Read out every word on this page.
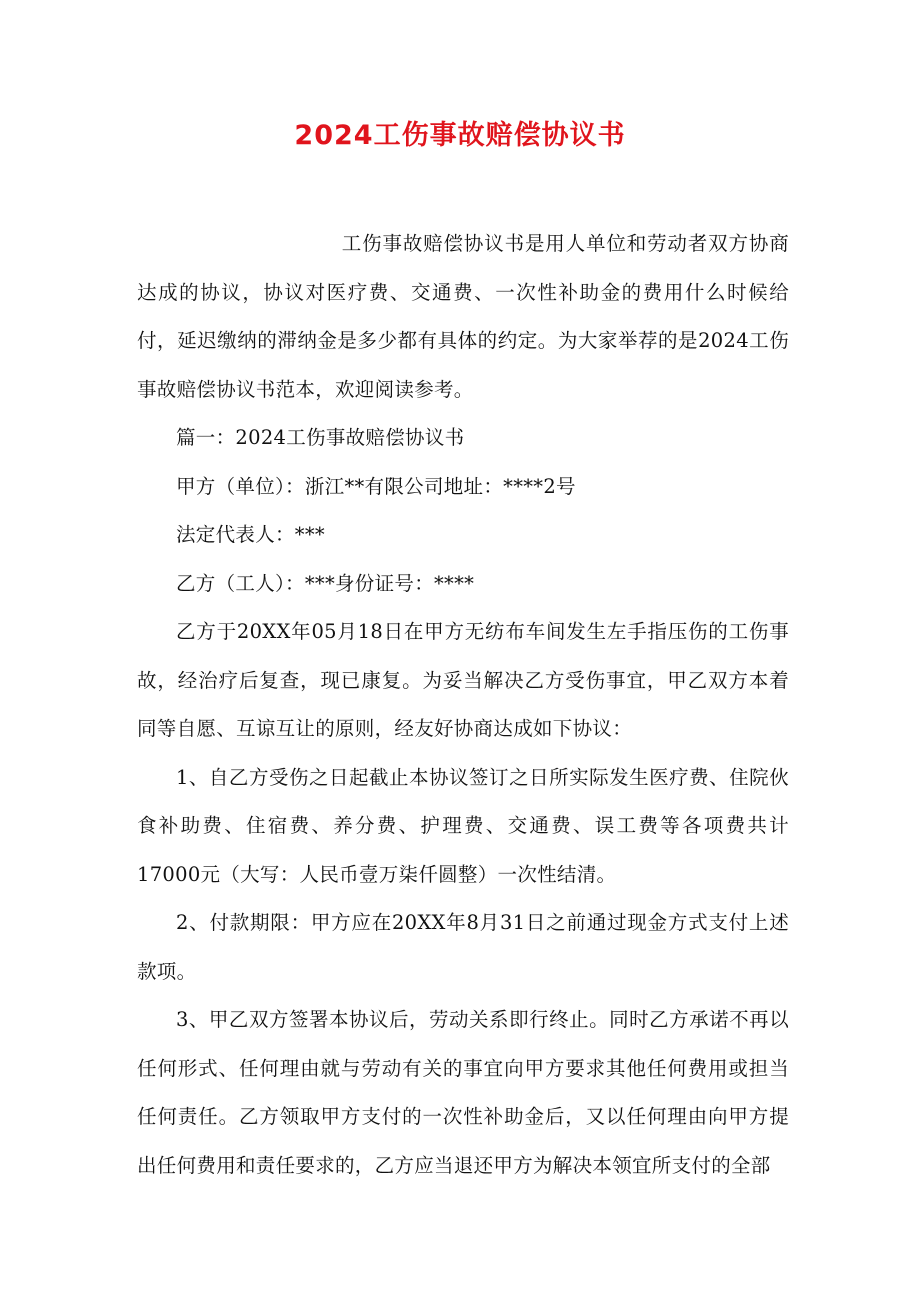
2024工伤事故赔偿协议书

工伤事故赔偿协议书是用人单位和劳动者双方协商达成的协议，协议对医疗费、交通费、一次性补助金的费用什么时候给付，延迟缴纳的滞纳金是多少都有具体的约定。为大家举荐的是2024工伤事故赔偿协议书范本，欢迎阅读参考。

篇一：2024工伤事故赔偿协议书

甲方（单位）：浙江**有限公司地址：****2号

法定代表人：***

乙方（工人）：***身份证号：****

乙方于20XX年05月18日在甲方无纺布车间发生左手指压伤的工伤事故，经治疗后复查，现已康复。为妥当解决乙方受伤事宜，甲乙双方本着同等自愿、互谅互让的原则，经友好协商达成如下协议：

1、自乙方受伤之日起截止本协议签订之日所实际发生医疗费、住院伙食补助费、住宿费、养分费、护理费、交通费、误工费等各项费共计17000元（大写：人民币壹万柒仟圆整）一次性结清。

2、付款期限：甲方应在20XX年8月31日之前通过现金方式支付上述款项。

3、甲乙双方签署本协议后，劳动关系即行终止。同时乙方承诺不再以任何形式、任何理由就与劳动有关的事宜向甲方要求其他任何费用或担当任何责任。乙方领取甲方支付的一次性补助金后，又以任何理由向甲方提出任何费用和责任要求的，乙方应当退还甲方为解决本领宜所支付的全部
